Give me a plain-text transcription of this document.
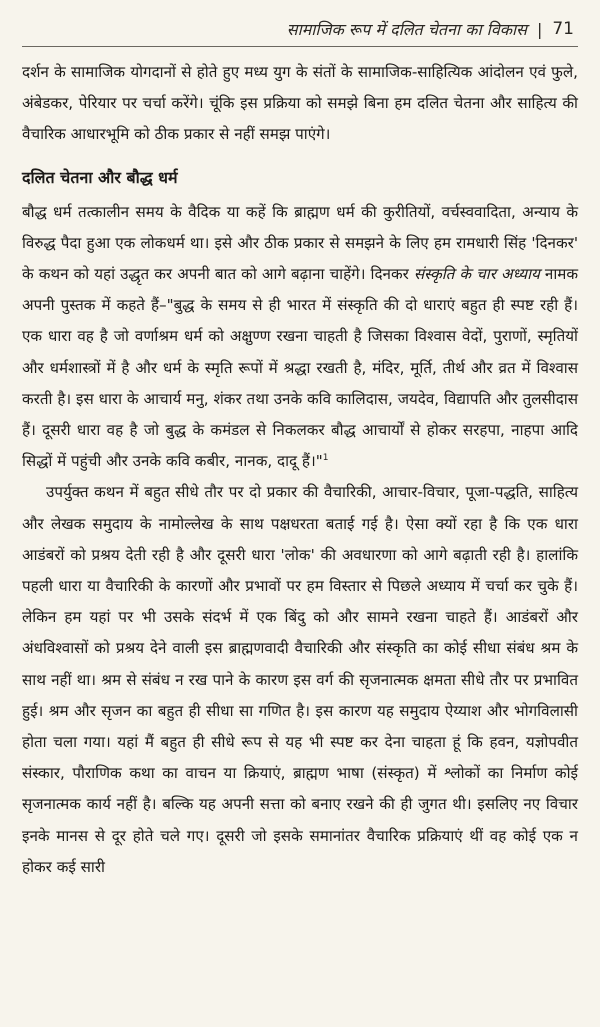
सामाजिक रूप में दलित चेतना का विकास | 71

दर्शन के सामाजिक योगदानों से होते हुए मध्य युग के संतों के सामाजिक-साहित्यिक आंदोलन एवं फुले, अंबेडकर, पेरियार पर चर्चा करेंगे। चूंकि इस प्रक्रिया को समझे बिना हम दलित चेतना और साहित्य की वैचारिक आधारभूमि को ठीक प्रकार से नहीं समझ पाएंगे।

दलित चेतना और बौद्ध धर्म

बौद्ध धर्म तत्कालीन समय के वैदिक या कहें कि ब्राह्मण धर्म की कुरीतियों, वर्चस्ववादिता, अन्याय के विरुद्ध पैदा हुआ एक लोकधर्म था। इसे और ठीक प्रकार से समझने के लिए हम रामधारी सिंह 'दिनकर' के कथन को यहां उद्धृत कर अपनी बात को आगे बढ़ाना चाहेंगे। दिनकर संस्कृति के चार अध्याय नामक अपनी पुस्तक में कहते हैं–"बुद्ध के समय से ही भारत में संस्कृति की दो धाराएं बहुत ही स्पष्ट रही हैं। एक धारा वह है जो वर्णाश्रम धर्म को अक्षुण्ण रखना चाहती है जिसका विश्वास वेदों, पुराणों, स्मृतियों और धर्मशास्त्रों में है और धर्म के स्मृति रूपों में श्रद्धा रखती है, मंदिर, मूर्ति, तीर्थ और व्रत में विश्वास करती है। इस धारा के आचार्य मनु, शंकर तथा उनके कवि कालिदास, जयदेव, विद्यापति और तुलसीदास हैं। दूसरी धारा वह है जो बुद्ध के कमंडल से निकलकर बौद्ध आचार्यों से होकर सरहपा, नाहपा आदि सिद्धों में पहुंची और उनके कवि कबीर, नानक, दादू हैं।"$^1$

उपर्युक्त कथन में बहुत सीधे तौर पर दो प्रकार की वैचारिकी, आचार-विचार, पूजा-पद्धति, साहित्य और लेखक समुदाय के नामोल्लेख के साथ पक्षधरता बताई गई है। ऐसा क्यों रहा है कि एक धारा आडंबरों को प्रश्रय देती रही है और दूसरी धारा 'लोक' की अवधारणा को आगे बढ़ाती रही है। हालांकि पहली धारा या वैचारिकी के कारणों और प्रभावों पर हम विस्तार से पिछले अध्याय में चर्चा कर चुके हैं। लेकिन हम यहां पर भी उसके संदर्भ में एक बिंदु को और सामने रखना चाहते हैं। आडंबरों और अंधविश्वासों को प्रश्रय देने वाली इस ब्राह्मणवादी वैचारिकी और संस्कृति का कोई सीधा संबंध श्रम के साथ नहीं था। श्रम से संबंध न रख पाने के कारण इस वर्ग की सृजनात्मक क्षमता सीधे तौर पर प्रभावित हुई। श्रम और सृजन का बहुत ही सीधा सा गणित है। इस कारण यह समुदाय ऐय्याश और भोगविलासी होता चला गया। यहां मैं बहुत ही सीधे रूप से यह भी स्पष्ट कर देना चाहता हूं कि हवन, यज्ञोपवीत संस्कार, पौराणिक कथा का वाचन या क्रियाएं, ब्राह्मण भाषा (संस्कृत) में श्लोकों का निर्माण कोई सृजनात्मक कार्य नहीं है। बल्कि यह अपनी सत्ता को बनाए रखने की ही जुगत थी। इसलिए नए विचार इनके मानस से दूर होते चले गए। दूसरी जो इसके समानांतर वैचारिक प्रक्रियाएं थीं वह कोई एक न होकर कई सारी
